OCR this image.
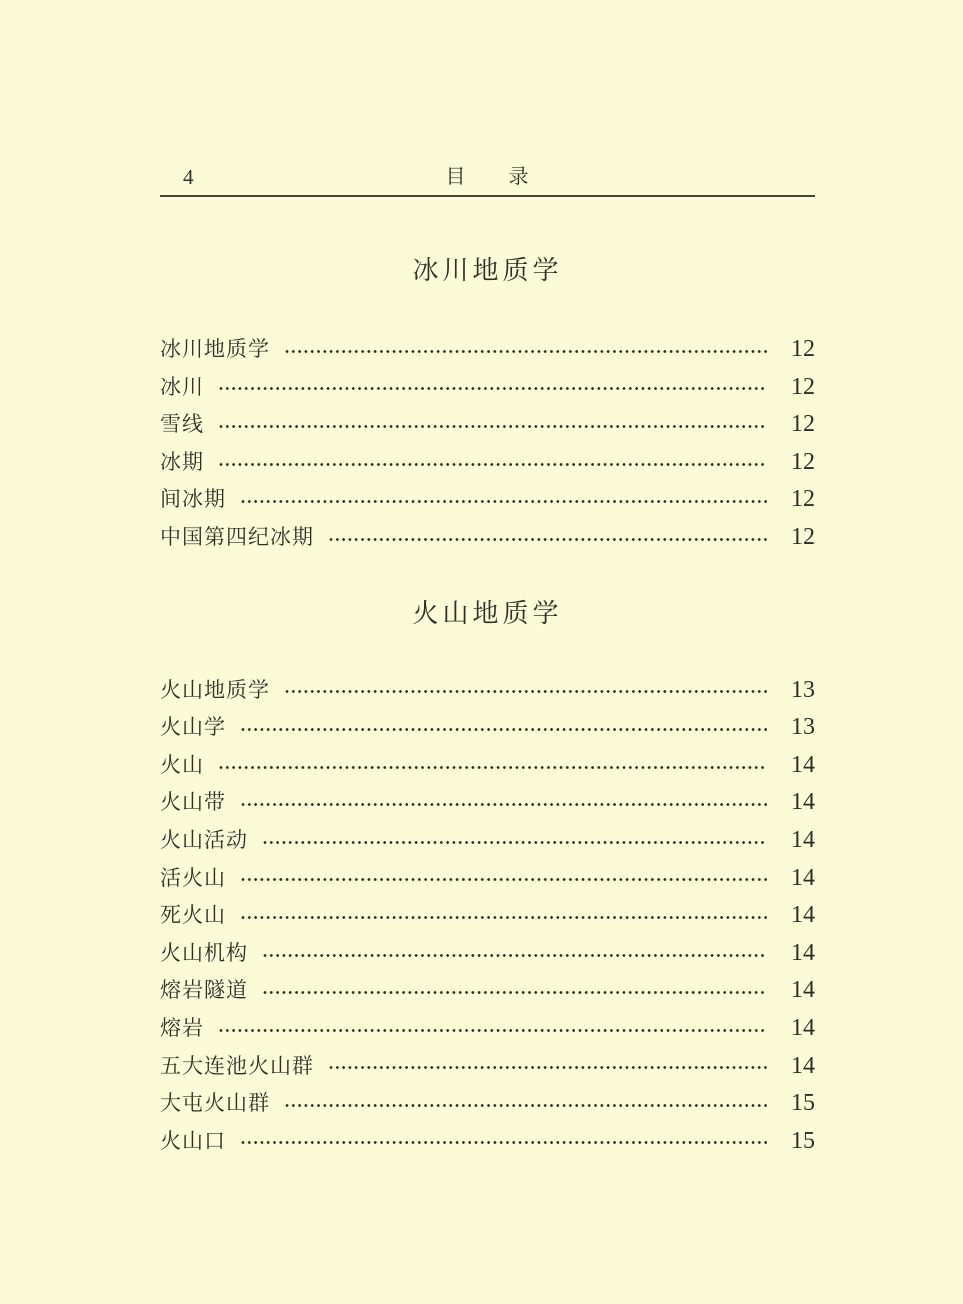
4	目　　录
冰川地质学
冰川地质学	12
冰川	12
雪线	12
冰期	12
间冰期	12
中国第四纪冰期	12
火山地质学
火山地质学	13
火山学	13
火山	14
火山带	14
火山活动	14
活火山	14
死火山	14
火山机构	14
熔岩隧道	14
熔岩	14
五大连池火山群	14
大屯火山群	15
火山口	15
